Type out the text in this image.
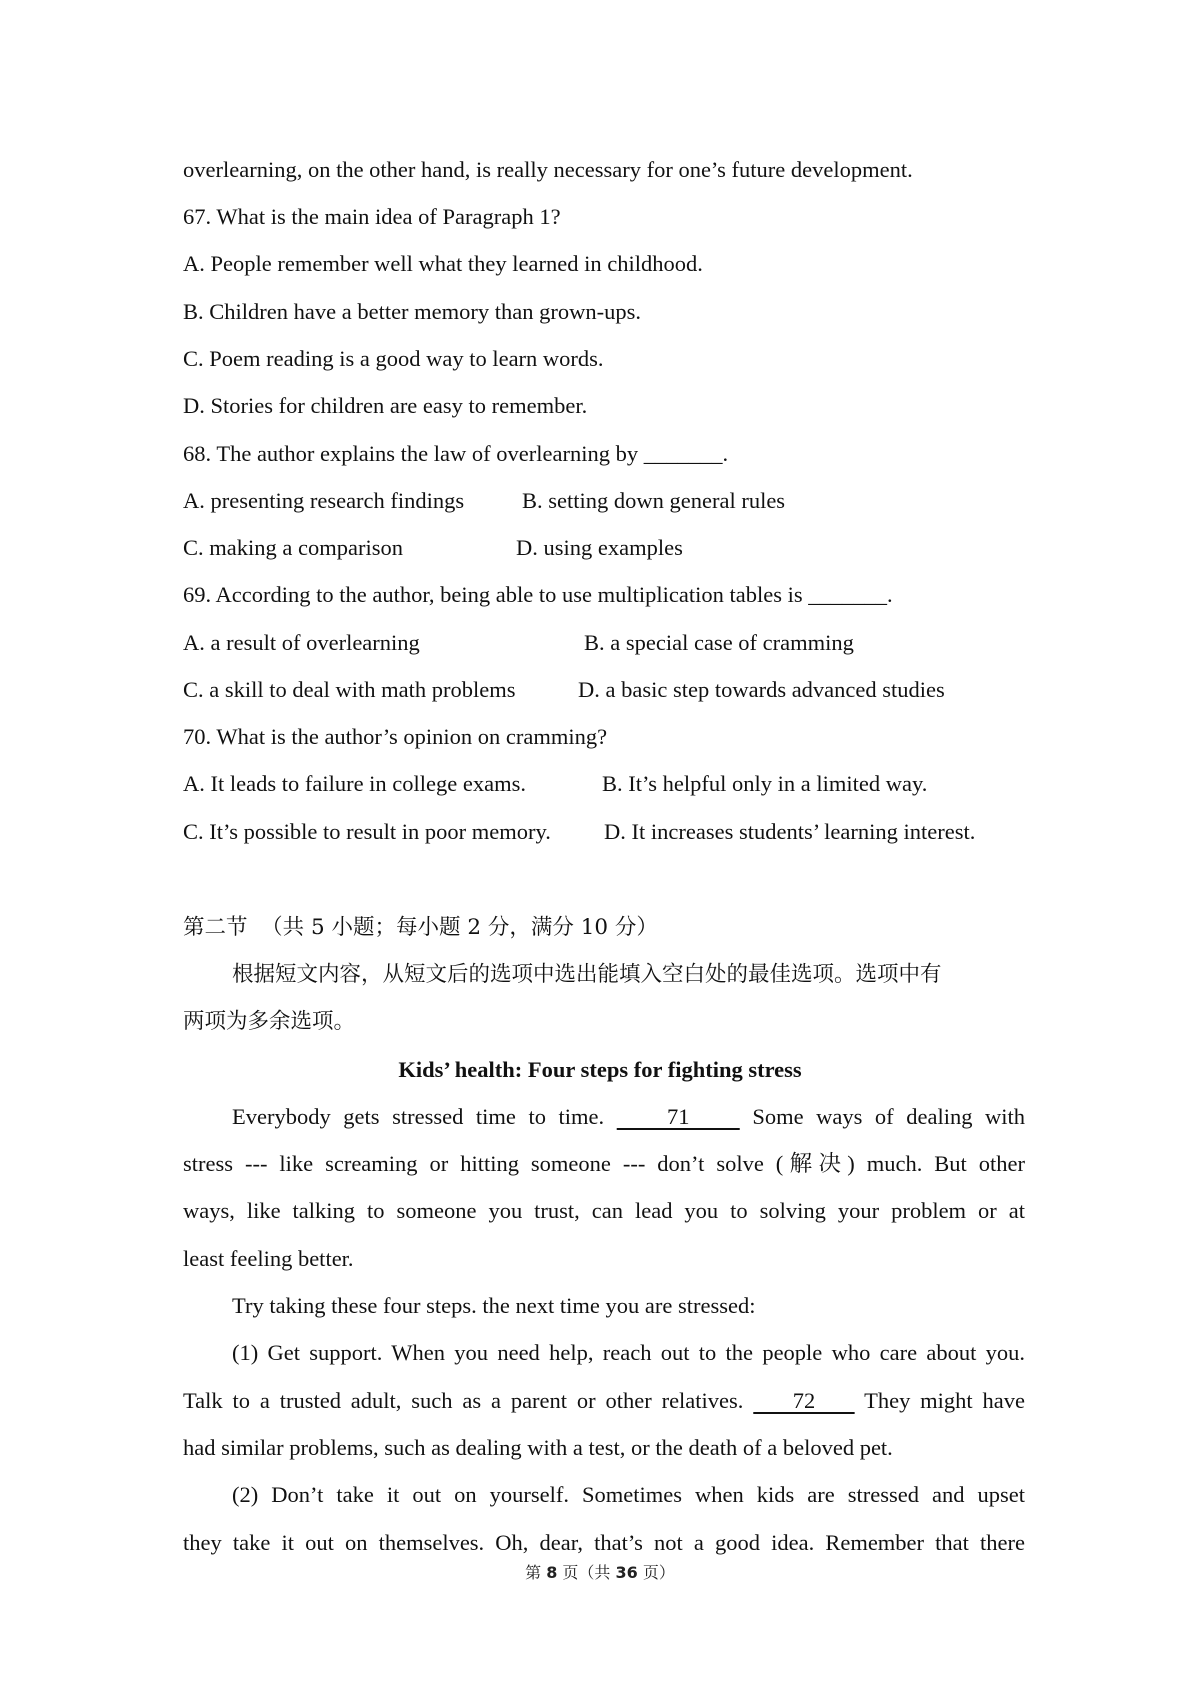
overlearning, on the other hand, is really necessary for one’s future development.

67. What is the main idea of Paragraph 1?

A. People remember well what they learned in childhood.

B. Children have a better memory than grown-ups.

C. Poem reading is a good way to learn words.

D. Stories for children are easy to remember.

68. The author explains the law of overlearning by _______.

A. presenting research findings

	B. setting down general rules

C. making a comparison

	D. using examples

69. According to the author, being able to use multiplication tables is _______.

A. a result of overlearning

	B. a special case of cramming

C. a skill to deal with math problems

	D. a basic step towards advanced studies

70. What is the author’s opinion on cramming?

A. It leads to failure in college exams.

	B. It’s helpful only in a limited way.

C. It’s possible to result in poor memory.

D. It increases students’ learning interest.

第二节  （共 5 小题；每小题 2 分，满分 10 分）

根据短文内容，从短文后的选项中选出能填入空白处的最佳选项。选项中有

两项为多余选项。

Kids’ health: Four steps for fighting stress

Everybody gets stressed time to time.     71     Some ways of dealing with

stress --- like screaming or hitting someone --- don’t solve (解决) much. But other

ways, like talking to someone you trust, can lead you to solving your problem or at

least feeling better.

Try taking these four steps. the next time you are stressed:

(1) Get support. When you need help, reach out to the people who care about you.

Talk to a trusted adult, such as a parent or other relatives.     72     They might have

had similar problems, such as dealing with a test, or the death of a beloved pet.

(2) Don’t take it out on yourself. Sometimes when kids are stressed and upset

they take it out on themselves. Oh, dear, that’s not a good idea. Remember that there

第 8 页（共 36 页）
